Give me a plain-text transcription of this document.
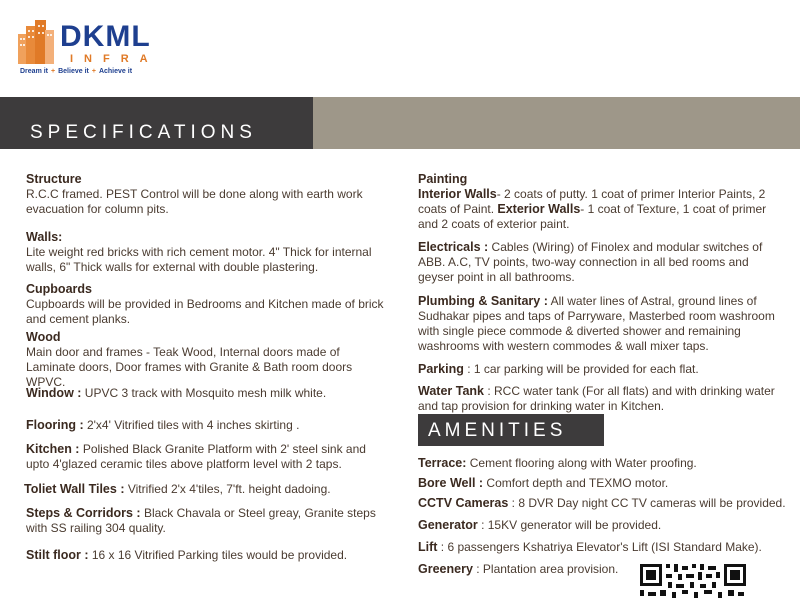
DKML
INFRA
Dream it + Believe it + Achieve it
SPECIFICATIONS
Structure
R.C.C framed. PEST Control will be done along with earth work evacuation for column pits.
Walls:
Lite weight red bricks with rich cement motor. 4" Thick for internal walls, 6" Thick walls for external with double plastering.
Cupboards
Cupboards will be provided in Bedrooms and Kitchen made of brick and cement planks.
Wood
Main door and frames - Teak Wood, Internal doors made of Laminate doors, Door frames with Granite & Bath room doors WPVC.
Window : UPVC 3 track with Mosquito mesh milk white.
Flooring : 2'x4' Vitrified tiles with 4 inches skirting .
Kitchen : Polished Black Granite Platform with 2' steel sink and upto 4'glazed ceramic tiles above platform level with 2 taps.
Toliet Wall Tiles : Vitrified 2'x 4'tiles, 7'ft. height dadoing.
Steps & Corridors : Black Chavala or Steel greay, Granite steps with SS railing 304 quality.
Stilt floor : 16 x 16 Vitrified Parking tiles would be provided.
Painting
Interior Walls- 2 coats of putty. 1 coat of primer Interior Paints, 2 coats of Paint. Exterior Walls- 1 coat of Texture, 1 coat of primer and 2 coats of exterior paint.
Electricals : Cables (Wiring) of Finolex and modular switches of ABB. A.C, TV points, two-way connection in all bed rooms and geyser point in all bathrooms.
Plumbing & Sanitary : All water lines of Astral, ground lines of Sudhakar pipes and taps of Parryware, Masterbed room washroom with single piece commode & diverted shower and remaining washrooms with western commodes & wall mixer taps.
Parking : 1 car parking will be provided for each flat.
Water Tank : RCC water tank (For all flats) and with drinking water and tap provision for drinking water in Kitchen.
AMENITIES
Terrace: Cement flooring along with Water proofing.
Bore Well : Comfort depth and TEXMO motor.
CCTV Cameras : 8 DVR Day night CC TV cameras will be provided.
Generator : 15KV generator will be provided.
Lift : 6 passengers Kshatriya Elevator's Lift (ISI Standard Make).
Greenery : Plantation area provision.
